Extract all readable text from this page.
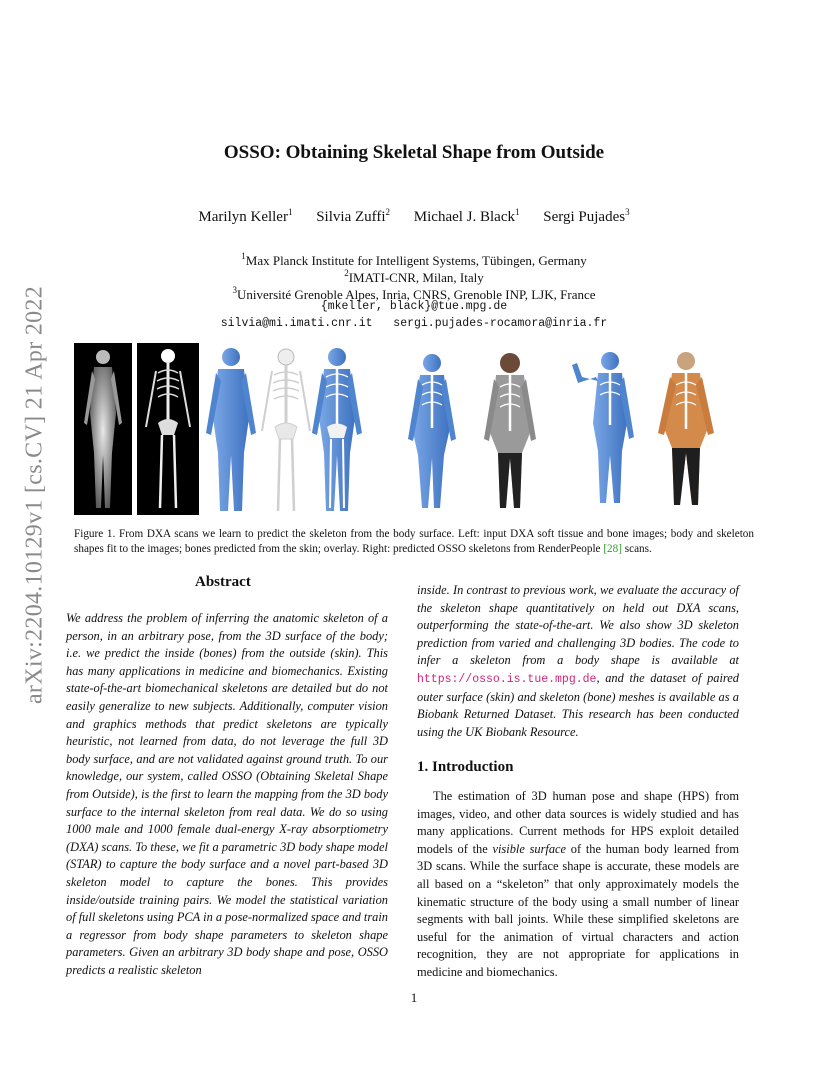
arXiv:2204.10129v1 [cs.CV] 21 Apr 2022
OSSO: Obtaining Skeletal Shape from Outside
Marilyn Keller$^1$ Silvia Zuffi$^2$ Michael J. Black$^1$ Sergi Pujades$^3$
$^1$Max Planck Institute for Intelligent Systems, Tübingen, Germany
$^2$IMATI-CNR, Milan, Italy
$^3$Université Grenoble Alpes, Inria, CNRS, Grenoble INP, LJK, France
{mkeller, black}@tue.mpg.de
silvia@mi.imati.cnr.it sergi.pujades-rocamora@inria.fr
Figure 1. From DXA scans we learn to predict the skeleton from the body surface. Left: input DXA soft tissue and bone images; body and skeleton shapes fit to the images; bones predicted from the skin; overlay. Right: predicted OSSO skeletons from RenderPeople [28] scans.
Abstract
We address the problem of inferring the anatomic skeleton of a person, in an arbitrary pose, from the 3D surface of the body; i.e. we predict the inside (bones) from the outside (skin). This has many applications in medicine and biomechanics. Existing state-of-the-art biomechanical skeletons are detailed but do not easily generalize to new subjects. Additionally, computer vision and graphics methods that predict skeletons are typically heuristic, not learned from data, do not leverage the full 3D body surface, and are not validated against ground truth. To our knowledge, our system, called OSSO (Obtaining Skeletal Shape from Outside), is the first to learn the mapping from the 3D body surface to the internal skeleton from real data. We do so using 1000 male and 1000 female dual-energy X-ray absorptiometry (DXA) scans. To these, we fit a parametric 3D body shape model (STAR) to capture the body surface and a novel part-based 3D skeleton model to capture the bones. This provides inside/outside training pairs. We model the statistical variation of full skeletons using PCA in a pose-normalized space and train a regressor from body shape parameters to skeleton shape parameters. Given an arbitrary 3D body shape and pose, OSSO predicts a realistic skeleton
inside. In contrast to previous work, we evaluate the accuracy of the skeleton shape quantitatively on held out DXA scans, outperforming the state-of-the-art. We also show 3D skeleton prediction from varied and challenging 3D bodies. The code to infer a skeleton from a body shape is available at https://osso.is.tue.mpg.de, and the dataset of paired outer surface (skin) and skeleton (bone) meshes is available as a Biobank Returned Dataset. This research has been conducted using the UK Biobank Resource.
1. Introduction
The estimation of 3D human pose and shape (HPS) from images, video, and other data sources is widely studied and has many applications. Current methods for HPS exploit detailed models of the visible surface of the human body learned from 3D scans. While the surface shape is accurate, these models are all based on a “skeleton” that only approximately models the kinematic structure of the body using a small number of linear segments with ball joints. While these simplified skeletons are useful for the animation of virtual characters and action recognition, they are not appropriate for applications in medicine and biomechanics.
1
